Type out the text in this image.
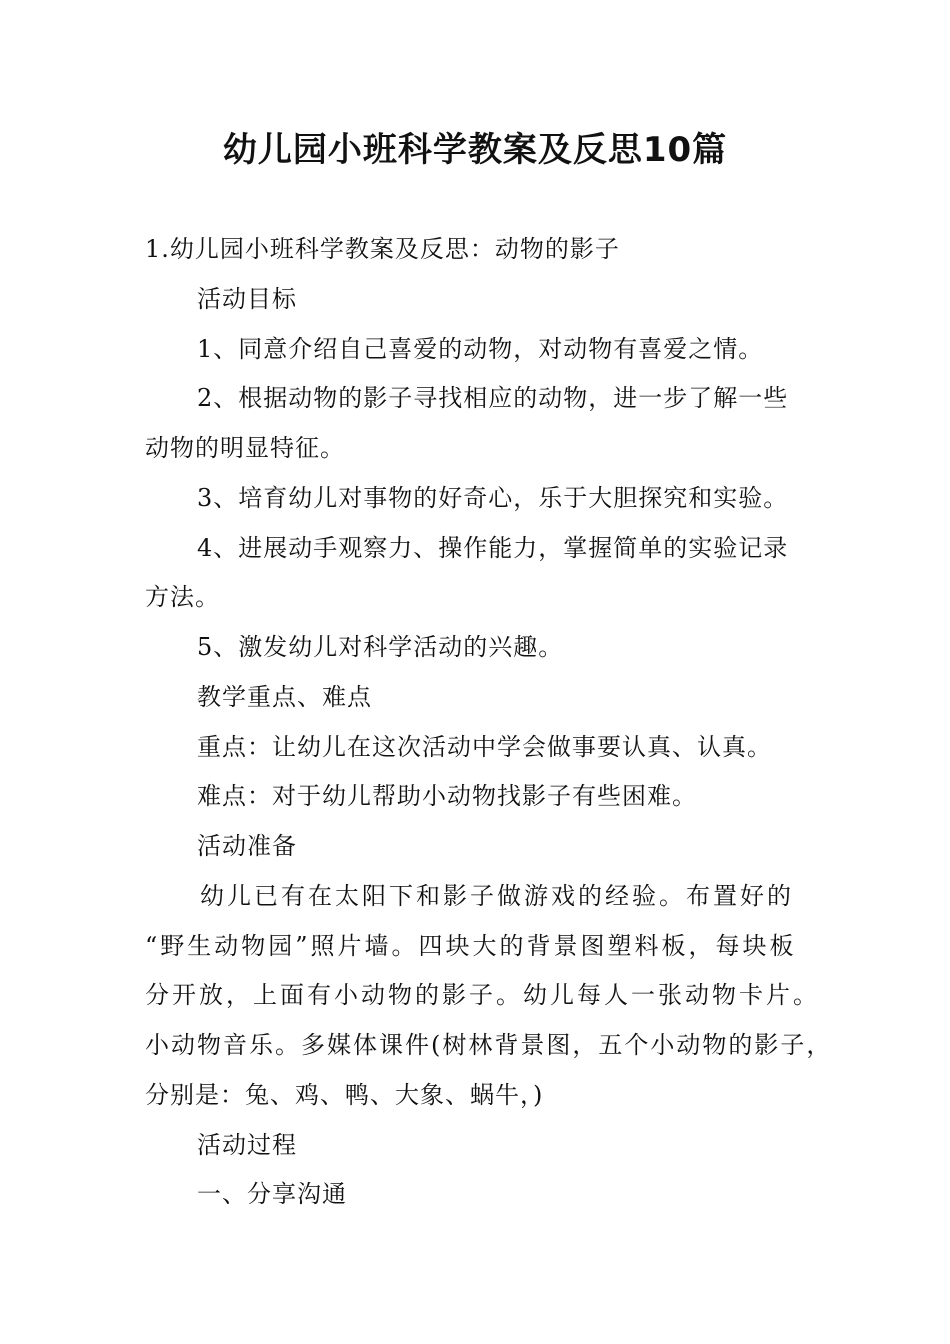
幼儿园小班科学教案及反思10篇
1.幼儿园小班科学教案及反思：动物的影子
活动目标
1、同意介绍自己喜爱的动物，对动物有喜爱之情。
2、根据动物的影子寻找相应的动物，进一步了解一些
动物的明显特征。
3、培育幼儿对事物的好奇心，乐于大胆探究和实验。
4、进展动手观察力、操作能力，掌握简单的实验记录
方法。
5、激发幼儿对科学活动的兴趣。
教学重点、难点
重点：让幼儿在这次活动中学会做事要认真、认真。
难点：对于幼儿帮助小动物找影子有些困难。
活动准备
幼儿已有在太阳下和影子做游戏的经验。布置好的
“野生动物园”照片墙。四块大的背景图塑料板，每块板
分开放，上面有小动物的影子。幼儿每人一张动物卡片。
小动物音乐。多媒体课件(树林背景图，五个小动物的影子，
分别是：兔、鸡、鸭、大象、蜗牛，)
活动过程
一、分享沟通
